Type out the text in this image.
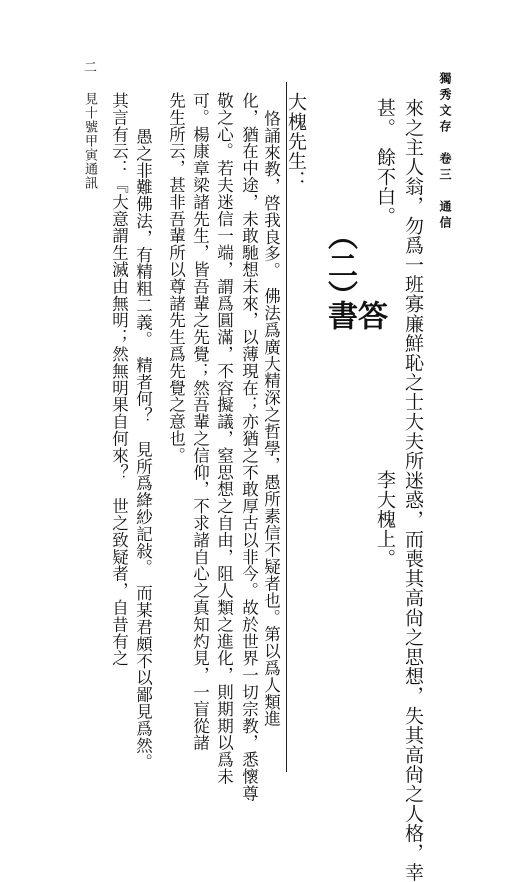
獨秀文存　卷三　通信
二
來之主人翁，勿爲一班寡廉鮮恥之士大夫所迷惑，而喪其高尙之思想，失其高尙之人格，幸
甚。　餘不白。
李大槐上。
（二）
答書
大槐先生：
恪誦來教，啓我良多。　佛法爲廣大精深之哲學，愚所素信不疑者也。第以爲人類進
化，猶在中途，未敢馳想未來，以薄現在；亦猶之不敢厚古以非今。故於世界一切宗教，悉懷尊
敬之心。若夫迷信一端，謂爲圓滿，不容擬議，窒思想之自由，阻人類之進化，則期期以爲未
可。楊康章梁諸先生，皆吾輩之先覺；然吾輩之信仰，不求諸自心之真知灼見，一盲從諸
先生所云，甚非吾輩所以尊諸先生爲先覺之意也。
愚之非難佛法，有精粗二義。　精者何？　見所爲絳紗記敍。　而某君頗不以鄙見爲然。
其言有云：『大意謂生滅由無明；然無明果自何來？　世之致疑者，自昔有之
見十號甲寅通訊
